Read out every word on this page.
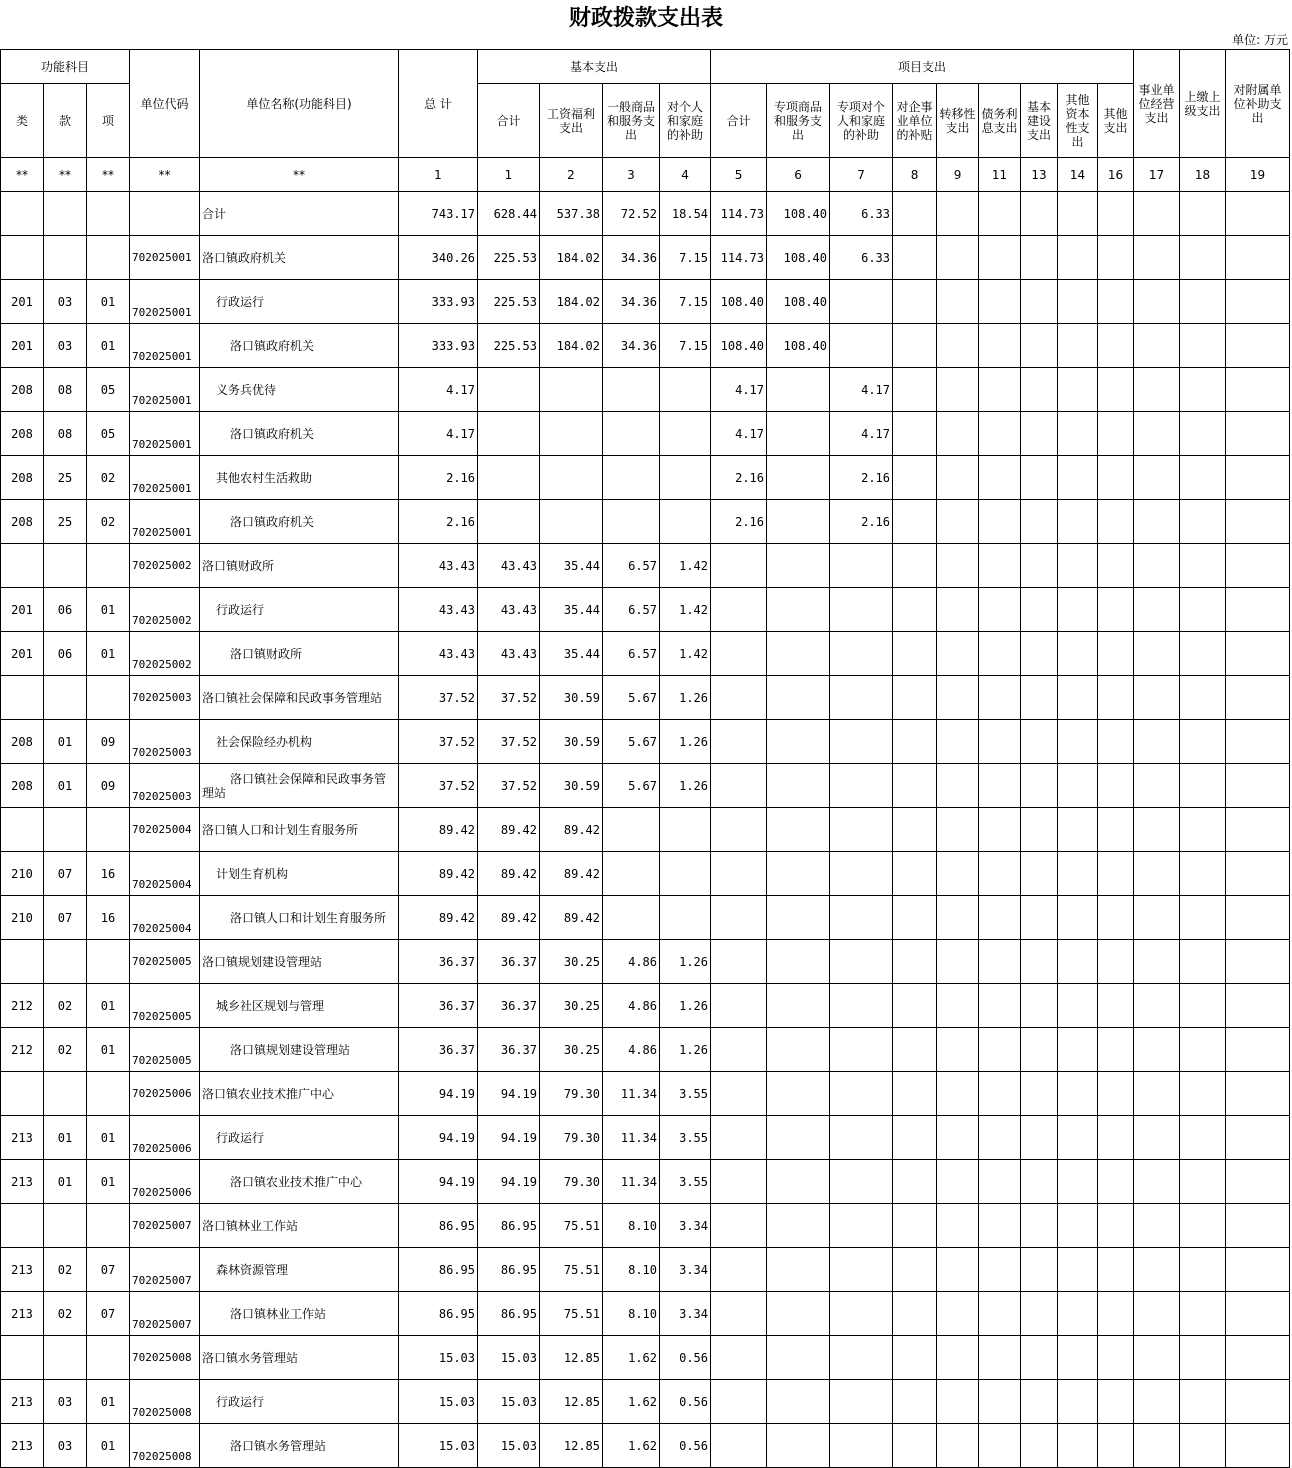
财政拨款支出表
单位: 万元
功能科目			单位代码	单位名称(功能科目)	总 计	基本支出				项目支出									事业单位经营支出	上缴上级支出	对附属单位补助支出
类	款	项				合计	工资福利支出	一般商品和服务支出	对个人和家庭的补助	合计	专项商品和服务支出	专项对个人和家庭的补助	对企事业单位的补贴	转移性支出	债务利息支出	基本建设支出	其他资本性支出	其他支出			
**	**	**	**	**	1	1	2	3	4	5	6	7	8	9	11	13	14	16	17	18	19
				合计	743.17	628.44	537.38	72.52	18.54	114.73	108.40	6.33									
			702025001	洛口镇政府机关	340.26	225.53	184.02	34.36	7.15	114.73	108.40	6.33									
201	03	01	702025001	行政运行	333.93	225.53	184.02	34.36	7.15	108.40	108.40										
201	03	01	702025001	洛口镇政府机关	333.93	225.53	184.02	34.36	7.15	108.40	108.40										
208	08	05	702025001	义务兵优待	4.17					4.17		4.17									
208	08	05	702025001	洛口镇政府机关	4.17					4.17		4.17									
208	25	02	702025001	其他农村生活救助	2.16					2.16		2.16									
208	25	02	702025001	洛口镇政府机关	2.16					2.16		2.16									
			702025002	洛口镇财政所	43.43	43.43	35.44	6.57	1.42												
201	06	01	702025002	行政运行	43.43	43.43	35.44	6.57	1.42												
201	06	01	702025002	洛口镇财政所	43.43	43.43	35.44	6.57	1.42												
			702025003	洛口镇社会保障和民政事务管理站	37.52	37.52	30.59	5.67	1.26												
208	01	09	702025003	社会保险经办机构	37.52	37.52	30.59	5.67	1.26												
208	01	09	702025003	洛口镇社会保障和民政事务管理站	37.52	37.52	30.59	5.67	1.26												
			702025004	洛口镇人口和计划生育服务所	89.42	89.42	89.42														
210	07	16	702025004	计划生育机构	89.42	89.42	89.42														
210	07	16	702025004	洛口镇人口和计划生育服务所	89.42	89.42	89.42														
			702025005	洛口镇规划建设管理站	36.37	36.37	30.25	4.86	1.26												
212	02	01	702025005	城乡社区规划与管理	36.37	36.37	30.25	4.86	1.26												
212	02	01	702025005	洛口镇规划建设管理站	36.37	36.37	30.25	4.86	1.26												
			702025006	洛口镇农业技术推广中心	94.19	94.19	79.30	11.34	3.55												
213	01	01	702025006	行政运行	94.19	94.19	79.30	11.34	3.55												
213	01	01	702025006	洛口镇农业技术推广中心	94.19	94.19	79.30	11.34	3.55												
			702025007	洛口镇林业工作站	86.95	86.95	75.51	8.10	3.34												
213	02	07	702025007	森林资源管理	86.95	86.95	75.51	8.10	3.34												
213	02	07	702025007	洛口镇林业工作站	86.95	86.95	75.51	8.10	3.34												
			702025008	洛口镇水务管理站	15.03	15.03	12.85	1.62	0.56												
213	03	01	702025008	行政运行	15.03	15.03	12.85	1.62	0.56												
213	03	01	702025008	洛口镇水务管理站	15.03	15.03	12.85	1.62	0.56												
